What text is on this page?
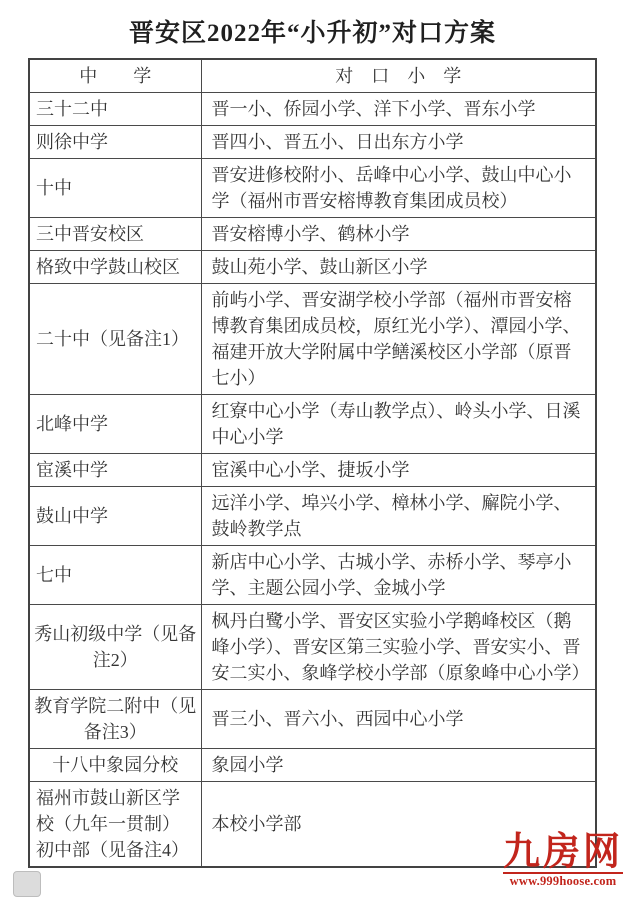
晋安区2022年“小升初”对口方案
中　　学	对　口　小　学
三十二中	晋一小、侨园小学、洋下小学、晋东小学
则徐中学	晋四小、晋五小、日出东方小学
十中	晋安进修校附小、岳峰中心小学、鼓山中心小学（福州市晋安榕博教育集团成员校）
三中晋安校区	晋安榕博小学、鹤林小学
格致中学鼓山校区	鼓山苑小学、鼓山新区小学
二十中（见备注1）	前屿小学、晋安湖学校小学部（福州市晋安榕博教育集团成员校，原红光小学）、潭园小学、福建开放大学附属中学鳝溪校区小学部（原晋七小）
北峰中学	红寮中心小学（寿山教学点）、岭头小学、日溪中心小学
宦溪中学	宦溪中心小学、捷坂小学
鼓山中学	远洋小学、埠兴小学、樟林小学、廨院小学、鼓岭教学点
七中	新店中心小学、古城小学、赤桥小学、琴亭小学、主题公园小学、金城小学
秀山初级中学（见备注2）	枫丹白鹭小学、晋安区实验小学鹅峰校区（鹅峰小学）、晋安区第三实验小学、晋安实小、晋安二实小、象峰学校小学部（原象峰中心小学）
教育学院二附中（见备注3）	晋三小、晋六小、西园中心小学
十八中象园分校	象园小学
福州市鼓山新区学校（九年一贯制）初中部（见备注4）	本校小学部
九房网
www.999hoose.com
